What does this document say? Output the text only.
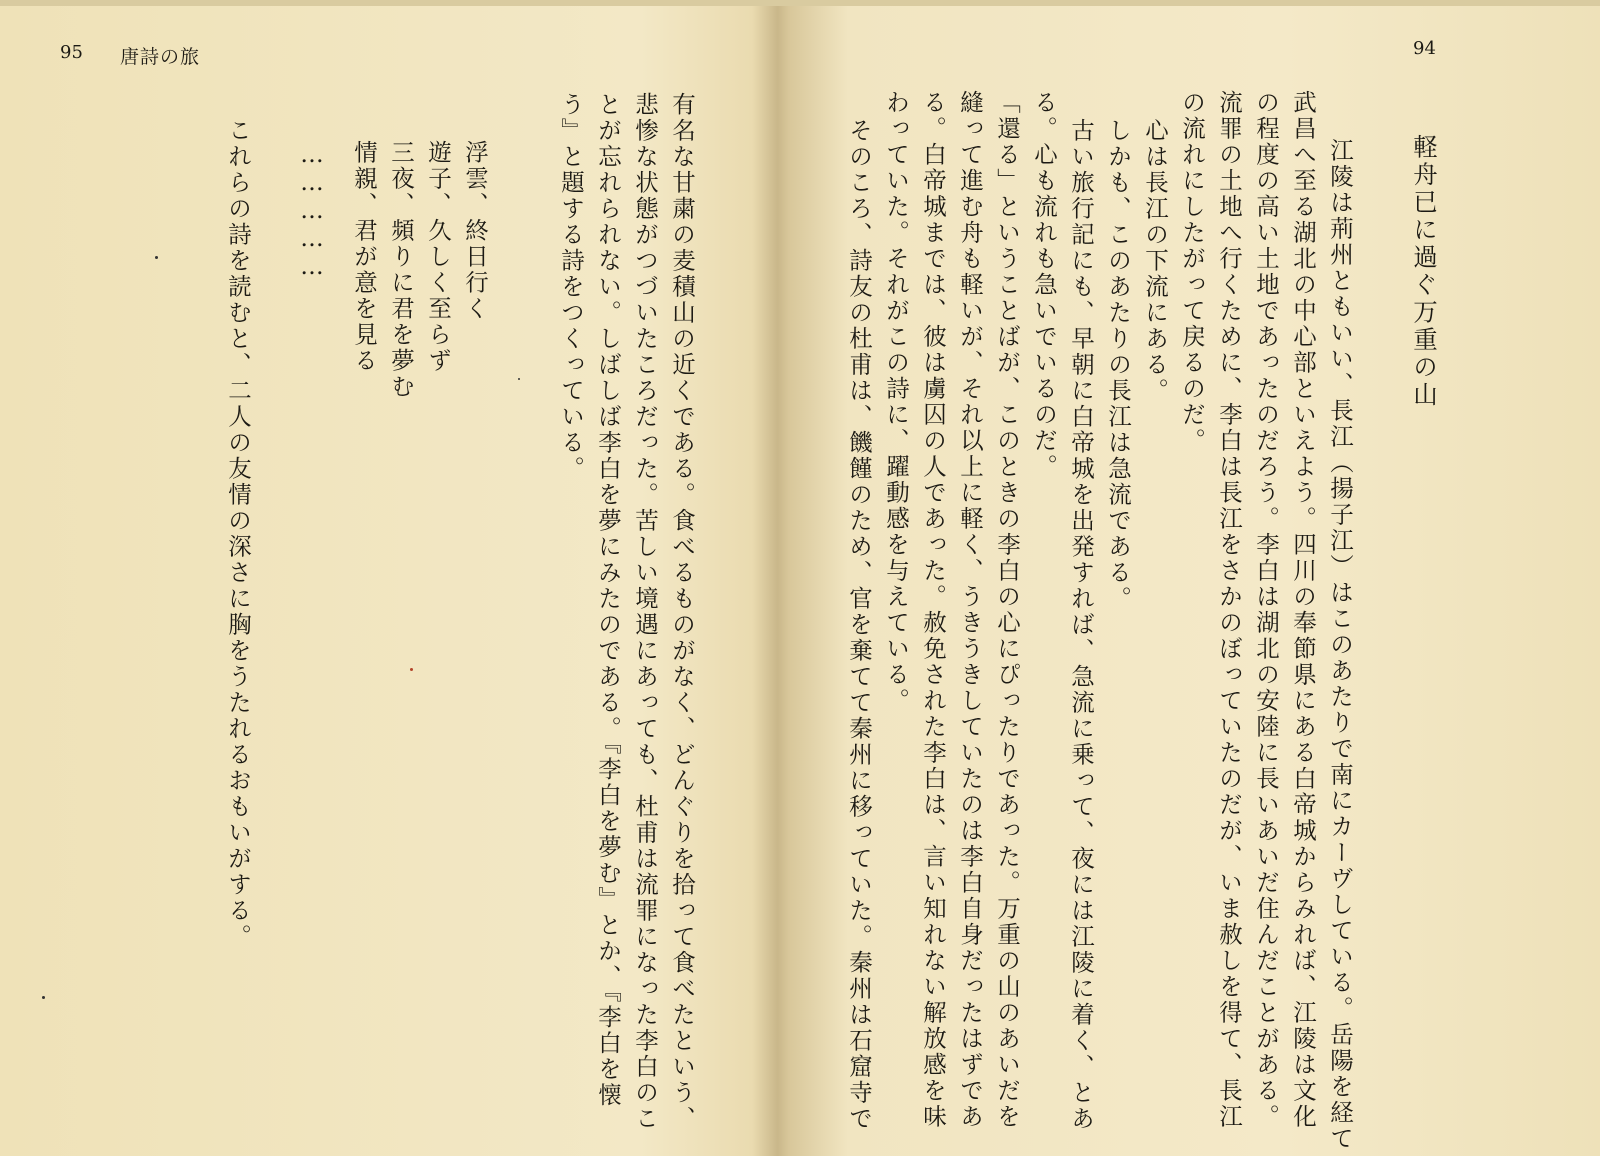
95 唐詩の旅	94
軽舟已に過ぐ万重の山
江陵は荊州ともいい、長江（揚子江）はこのあたりで南にカーヴしている。岳陽を経て
武昌へ至る湖北の中心部といえよう。四川の奉節県にある白帝城からみれば、江陵は文化
の程度の高い土地であったのだろう。李白は湖北の安陸に長いあいだ住んだことがある。
流罪の土地へ行くために、李白は長江をさかのぼっていたのだが、いま赦しを得て、長江
の流れにしたがって戻るのだ。
心は長江の下流にある。
しかも、このあたりの長江は急流である。
古い旅行記にも、早朝に白帝城を出発すれば、急流に乗って、夜には江陵に着く、とあ
る。心も流れも急いでいるのだ。
「還る」ということばが、このときの李白の心にぴったりであった。万重の山のあいだを
縫って進む舟も軽いが、それ以上に軽く、うきうきしていたのは李白自身だったはずであ
る。白帝城までは、彼は虜囚の人であった。赦免された李白は、言い知れない解放感を味
わっていた。それがこの詩に、躍動感を与えている。
そのころ、詩友の杜甫は、饑饉のため、官を棄てて秦州に移っていた。秦州は石窟寺で
有名な甘粛の麦積山の近くである。食べるものがなく、どんぐりを拾って食べたという、
悲惨な状態がつづいたころだった。苦しい境遇にあっても、杜甫は流罪になった李白のこ
とが忘れられない。しばしば李白を夢にみたのである。『李白を夢む』とか、『李白を懐
う』と題する詩をつくっている。
浮雲、終日行く
遊子、久しく至らず
三夜、頻りに君を夢む
情親、君が意を見る
……………
これらの詩を読むと、二人の友情の深さに胸をうたれるおもいがする。
